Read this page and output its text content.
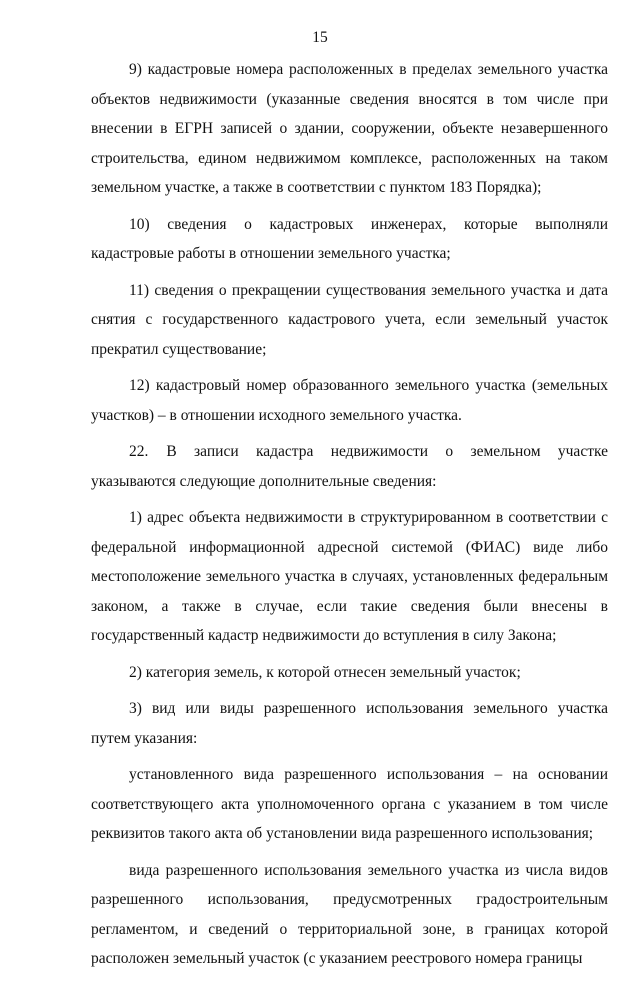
15

9) кадастровые номера расположенных в пределах земельного участка объектов недвижимости (указанные сведения вносятся в том числе при внесении в ЕГРН записей о здании, сооружении, объекте незавершенного строительства, едином недвижимом комплексе, расположенных на таком земельном участке, а также в соответствии с пунктом 183 Порядка);

10) сведения о кадастровых инженерах, которые выполняли кадастровые работы в отношении земельного участка;

11) сведения о прекращении существования земельного участка и дата снятия с государственного кадастрового учета, если земельный участок прекратил существование;

12) кадастровый номер образованного земельного участка (земельных участков) – в отношении исходного земельного участка.

22. В записи кадастра недвижимости о земельном участке указываются следующие дополнительные сведения:

1) адрес объекта недвижимости в структурированном в соответствии с федеральной информационной адресной системой (ФИАС) виде либо местоположение земельного участка в случаях, установленных федеральным законом, а также в случае, если такие сведения были внесены в государственный кадастр недвижимости до вступления в силу Закона;

2) категория земель, к которой отнесен земельный участок;

3) вид или виды разрешенного использования земельного участка путем указания:

установленного вида разрешенного использования – на основании соответствующего акта уполномоченного органа с указанием в том числе реквизитов такого акта об установлении вида разрешенного использования;

вида разрешенного использования земельного участка из числа видов разрешенного использования, предусмотренных градостроительным регламентом, и сведений о территориальной зоне, в границах которой расположен земельный участок (с указанием реестрового номера границы
